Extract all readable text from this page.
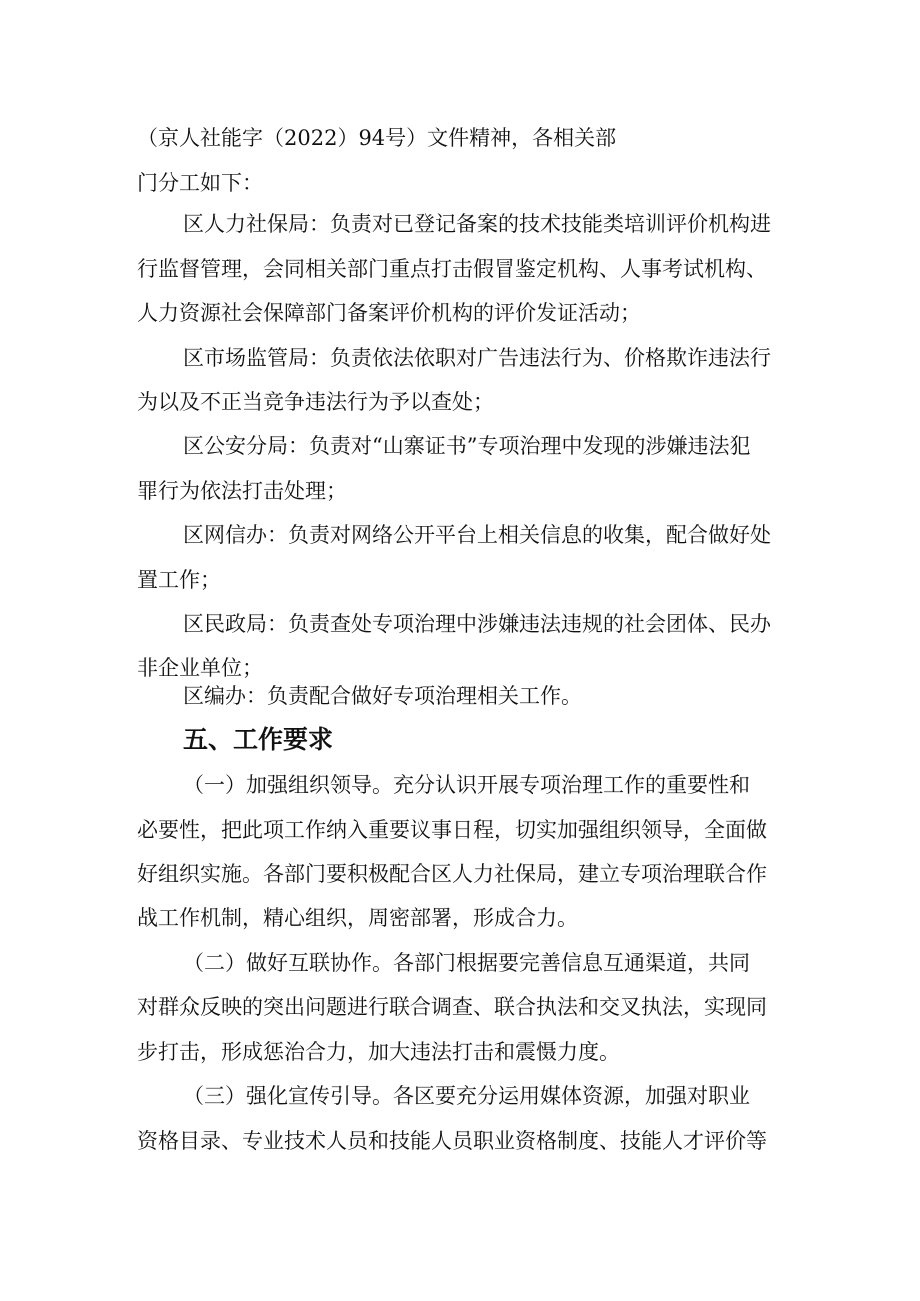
（京人社能字（2022）94号）文件精神，各相关部
门分工如下：
区人力社保局：负责对已登记备案的技术技能类培训评价机构进
行监督管理，会同相关部门重点打击假冒鉴定机构、人事考试机构、
人力资源社会保障部门备案评价机构的评价发证活动；
区市场监管局：负责依法依职对广告违法行为、价格欺诈违法行
为以及不正当竞争违法行为予以查处；
区公安分局：负责对“山寨证书”专项治理中发现的涉嫌违法犯
罪行为依法打击处理；
区网信办：负责对网络公开平台上相关信息的收集，配合做好处
置工作；
区民政局：负责查处专项治理中涉嫌违法违规的社会团体、民办
非企业单位；
区编办：负责配合做好专项治理相关工作。
五、工作要求
（一）加强组织领导。充分认识开展专项治理工作的重要性和
必要性，把此项工作纳入重要议事日程，切实加强组织领导，全面做
好组织实施。各部门要积极配合区人力社保局，建立专项治理联合作
战工作机制，精心组织，周密部署，形成合力。
（二）做好互联协作。各部门根据要完善信息互通渠道，共同
对群众反映的突出问题进行联合调查、联合执法和交叉执法，实现同
步打击，形成惩治合力，加大违法打击和震慑力度。
（三）强化宣传引导。各区要充分运用媒体资源，加强对职业
资格目录、专业技术人员和技能人员职业资格制度、技能人才评价等
